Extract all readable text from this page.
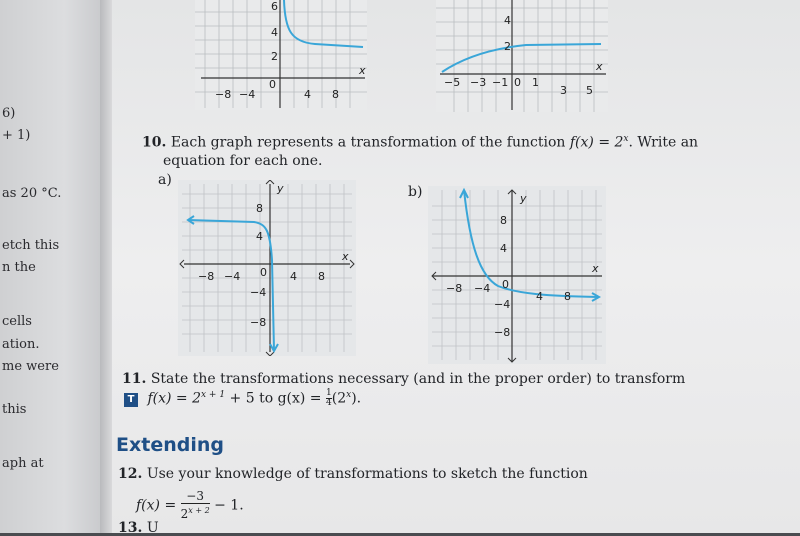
6)
+ 1)
as 20 °C.
etch this
n the
cells
ation.
me were
this
aph at
x
−8 −4
0
4 8
6
4
2
x
−5 −3 −1 0 1
3 5
4
2
10. Each graph represents a transformation of the function $f(x) = 2^x$. Write an
equation for each one.
a)
b)
x
y
−8 −4 0 4 8
8
4
−4
−8
x
y
−8 −4 0
4 8
8
4
−4
−8
11. State the transformations necessary (and in the proper order) to transform
T $f(x) = 2^{x + 1} + 5$ to $g(x) = \frac{1}{4} (2^x)$.
Extending
12. Use your knowledge of transformations to sketch the function
$f(x) = \frac{-3}{2^{x + 2}} - 1$.
13. U
